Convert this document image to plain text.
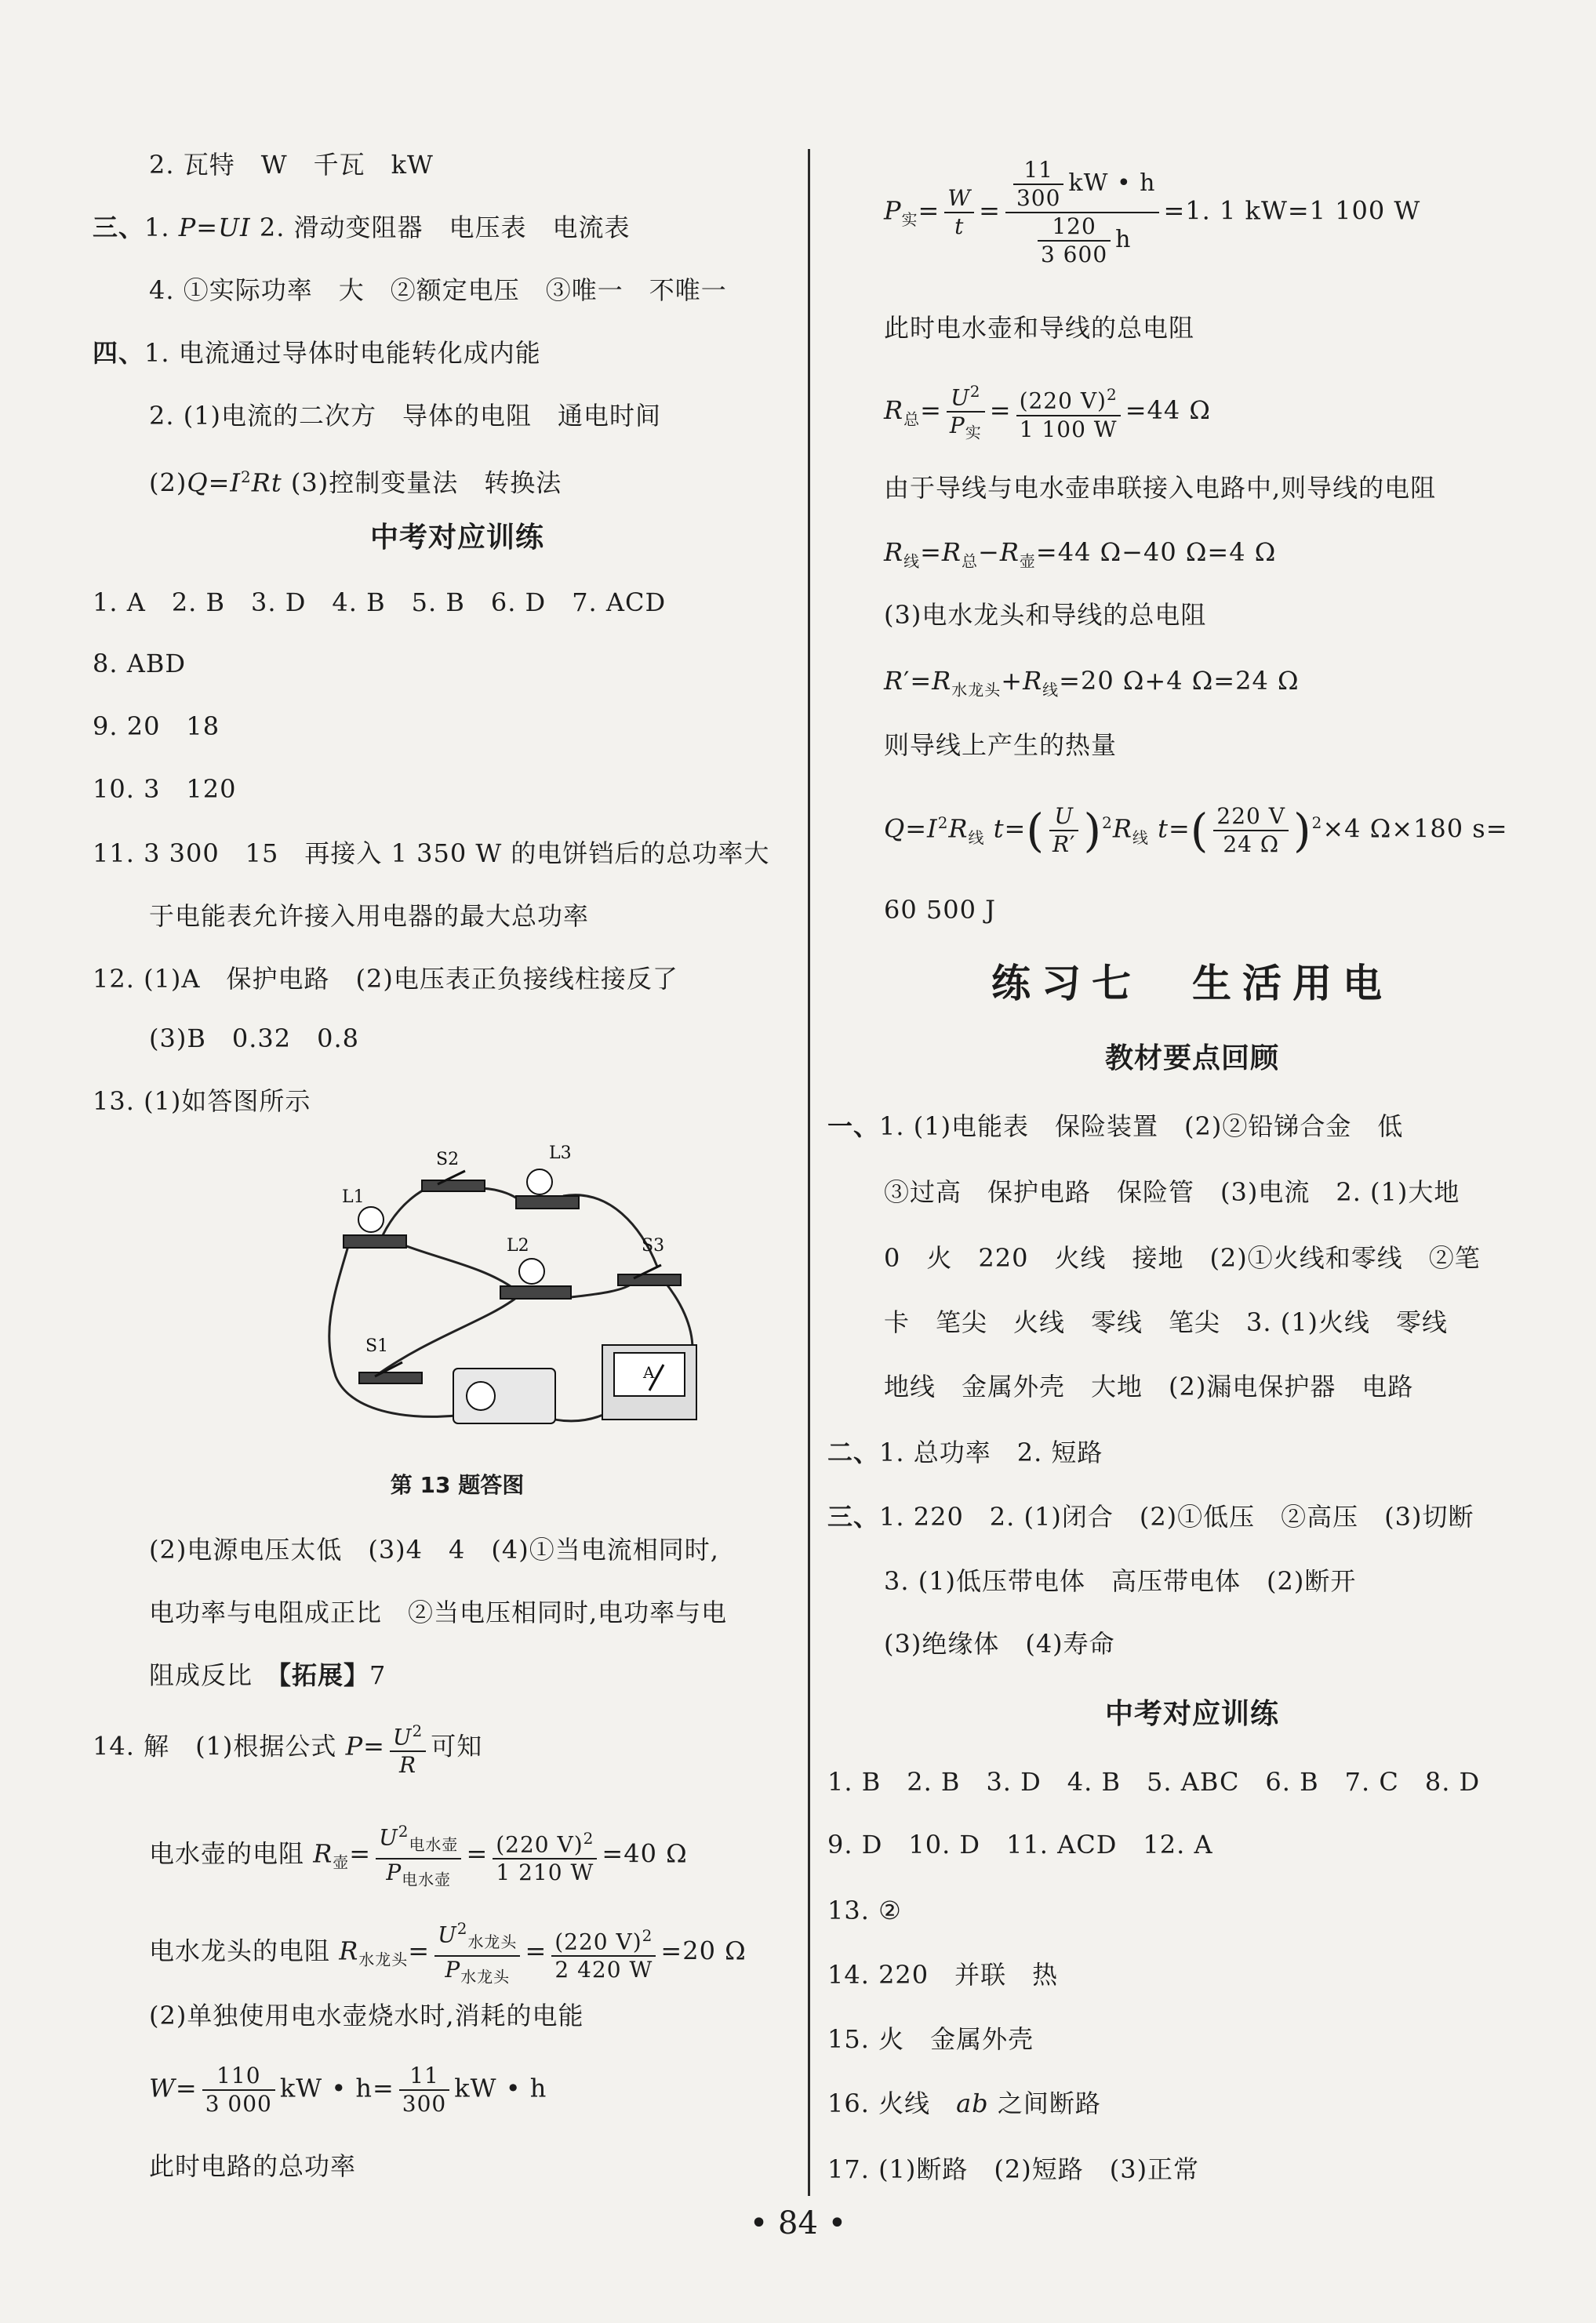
2. 瓦特　W　千瓦　kW
三、1. P=UI 2. 滑动变阻器　电压表　电流表
4. ①实际功率　大　②额定电压　③唯一　不唯一
四、1. 电流通过导体时电能转化成内能
2. (1)电流的二次方　导体的电阻　通电时间
$(2)Q=I^2Rt$ (3)控制变量法　转换法
中考对应训练
1. A　2. B　3. D　4. B　5. B　6. D　7. ACD
8. ABD
9. 20　18
10. 3　120
11. 3 300　15　再接入 1 350 W 的电饼铛后的总功率大
于电能表允许接入用电器的最大总功率
12. (1)A　保护电路　(2)电压表正负接线柱接反了
(3)B　0.32　0.8
13. (1)如答图所示
A
S2	L3
L1
L2	S3
S1
第 13 题答图
(2)电源电压太低　(3)4　4　(4)①当电流相同时,
电功率与电阻成正比　②当电压相同时,电功率与电
阻成反比　【拓展】7
14. 解　(1)根据公式 $P= \frac{U^2}{R}$ 可知
电水壶的电阻 $R_壶= \frac{U^2_{电水壶}}{P_{电水壶}} = \frac{(220 V)^2}{1 210 W} =40$ Ω
电水龙头的电阻 $R_{水龙头}= \frac{U^2_{水龙头}}{P_{水龙头}} = \frac{(220 V)^2}{2 420 W} =20$ Ω
(2)单独使用电水壶烧水时,消耗的电能
$W= \frac{110}{3 000}$ kW • $h= \frac{11}{300}$ kW • h
此时电路的总功率
$P_实= \frac{W}{t} = \frac{\frac{11}{300} kW • h}{\frac{120}{3 600} h} =1$. 1 kW=1 100 W
此时电水壶和导线的总电阻
$R_总= \frac{U^2}{P_实} = \frac{(220 V)^2}{1 100 W} =44$ Ω
由于导线与电水壶串联接入电路中,则导线的电阻
$R_线=R_总-R_壶=44$ Ω−40 Ω=4 Ω
(3)电水龙头和导线的总电阻
$R'=R_{水龙头}+R_线=20$ Ω+4 Ω=24 Ω
则导线上产生的热量
$Q=I^2R_线$ $t=( \frac{U}{R'} )^2R_线$ $t=( \frac{220 V}{24 \Omega} )^2\times 4$ Ω×180 s=
60 500 J
练习七　生活用电
教材要点回顾
一、1. (1)电能表　保险装置　(2)②铅锑合金　低
③过高　保护电路　保险管　(3)电流　2. (1)大地
0　火　220　火线　接地　(2)①火线和零线　②笔
卡　笔尖　火线　零线　笔尖　3. (1)火线　零线
地线　金属外壳　大地　(2)漏电保护器　电路
二、1. 总功率　2. 短路
三、1. 220　2. (1)闭合　(2)①低压　②高压　(3)切断
3. (1)低压带电体　高压带电体　(2)断开
(3)绝缘体　(4)寿命
中考对应训练
1. B　2. B　3. D　4. B　5. ABC　6. B　7. C　8. D
9. D　10. D　11. ACD　12. A
13. ②
14. 220　并联　热
15. 火　金属外壳
16. 火线　ab 之间断路
17. (1)断路　(2)短路　(3)正常
• 84 •
